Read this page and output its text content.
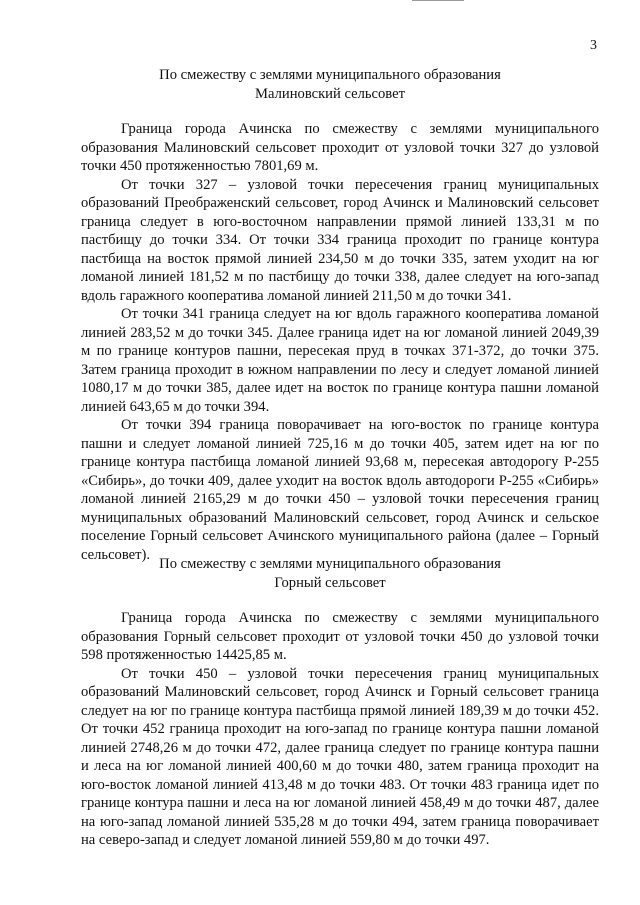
3

По смежеству с землями муниципального образования

Малиновский сельсовет

Граница города Ачинска по смежеству с землями муниципального образования Малиновский сельсовет проходит от узловой точки 327 до узловой точки 450 протяженностью 7801,69 м.

От точки 327 – узловой точки пересечения границ муниципальных образований Преображенский сельсовет, город Ачинск и Малиновский сельсовет граница следует в юго-восточном направлении прямой линией 133,31 м по пастбищу до точки 334. От точки 334 граница проходит по границе контура пастбища на восток прямой линией 234,50 м до точки 335, затем уходит на юг ломаной линией 181,52 м по пастбищу до точки 338, далее следует на юго-запад вдоль гаражного кооператива ломаной линией 211,50 м до точки 341.

От точки 341 граница следует на юг вдоль гаражного кооператива ломаной линией 283,52 м до точки 345. Далее граница идет на юг ломаной линией 2049,39 м по границе контуров пашни, пересекая пруд в точках 371-372, до точки 375. Затем граница проходит в южном направлении по лесу и следует ломаной линией 1080,17 м до точки 385, далее идет на восток по границе контура пашни ломаной линией 643,65 м до точки 394.

От точки 394 граница поворачивает на юго-восток по границе контура пашни и следует ломаной линией 725,16 м до точки 405, затем идет на юг по границе контура пастбища ломаной линией 93,68 м, пересекая автодорогу Р-255 «Сибирь», до точки 409, далее уходит на восток вдоль автодороги Р-255 «Сибирь» ломаной линией 2165,29 м до точки 450 – узловой точки пересечения границ муниципальных образований Малиновский сельсовет, город Ачинск и сельское поселение Горный сельсовет Ачинского муниципального района (далее – Горный сельсовет).

По смежеству с землями муниципального образования

Горный сельсовет

Граница города Ачинска по смежеству с землями муниципального образования Горный сельсовет проходит от узловой точки 450 до узловой точки 598 протяженностью 14425,85 м.

От точки 450 – узловой точки пересечения границ муниципальных образований Малиновский сельсовет, город Ачинск и Горный сельсовет граница следует на юг по границе контура пастбища прямой линией 189,39 м до точки 452. От точки 452 граница проходит на юго-запад по границе контура пашни ломаной линией 2748,26 м до точки 472, далее граница следует по границе контура пашни и леса на юг ломаной линией 400,60 м до точки 480, затем граница проходит на юго-восток ломаной линией 413,48 м до точки 483. От точки 483 граница идет по границе контура пашни и леса на юг ломаной линией 458,49 м до точки 487, далее на юго-запад ломаной линией 535,28 м до точки 494, затем граница поворачивает на северо-запад и следует ломаной линией 559,80 м до точки 497.
